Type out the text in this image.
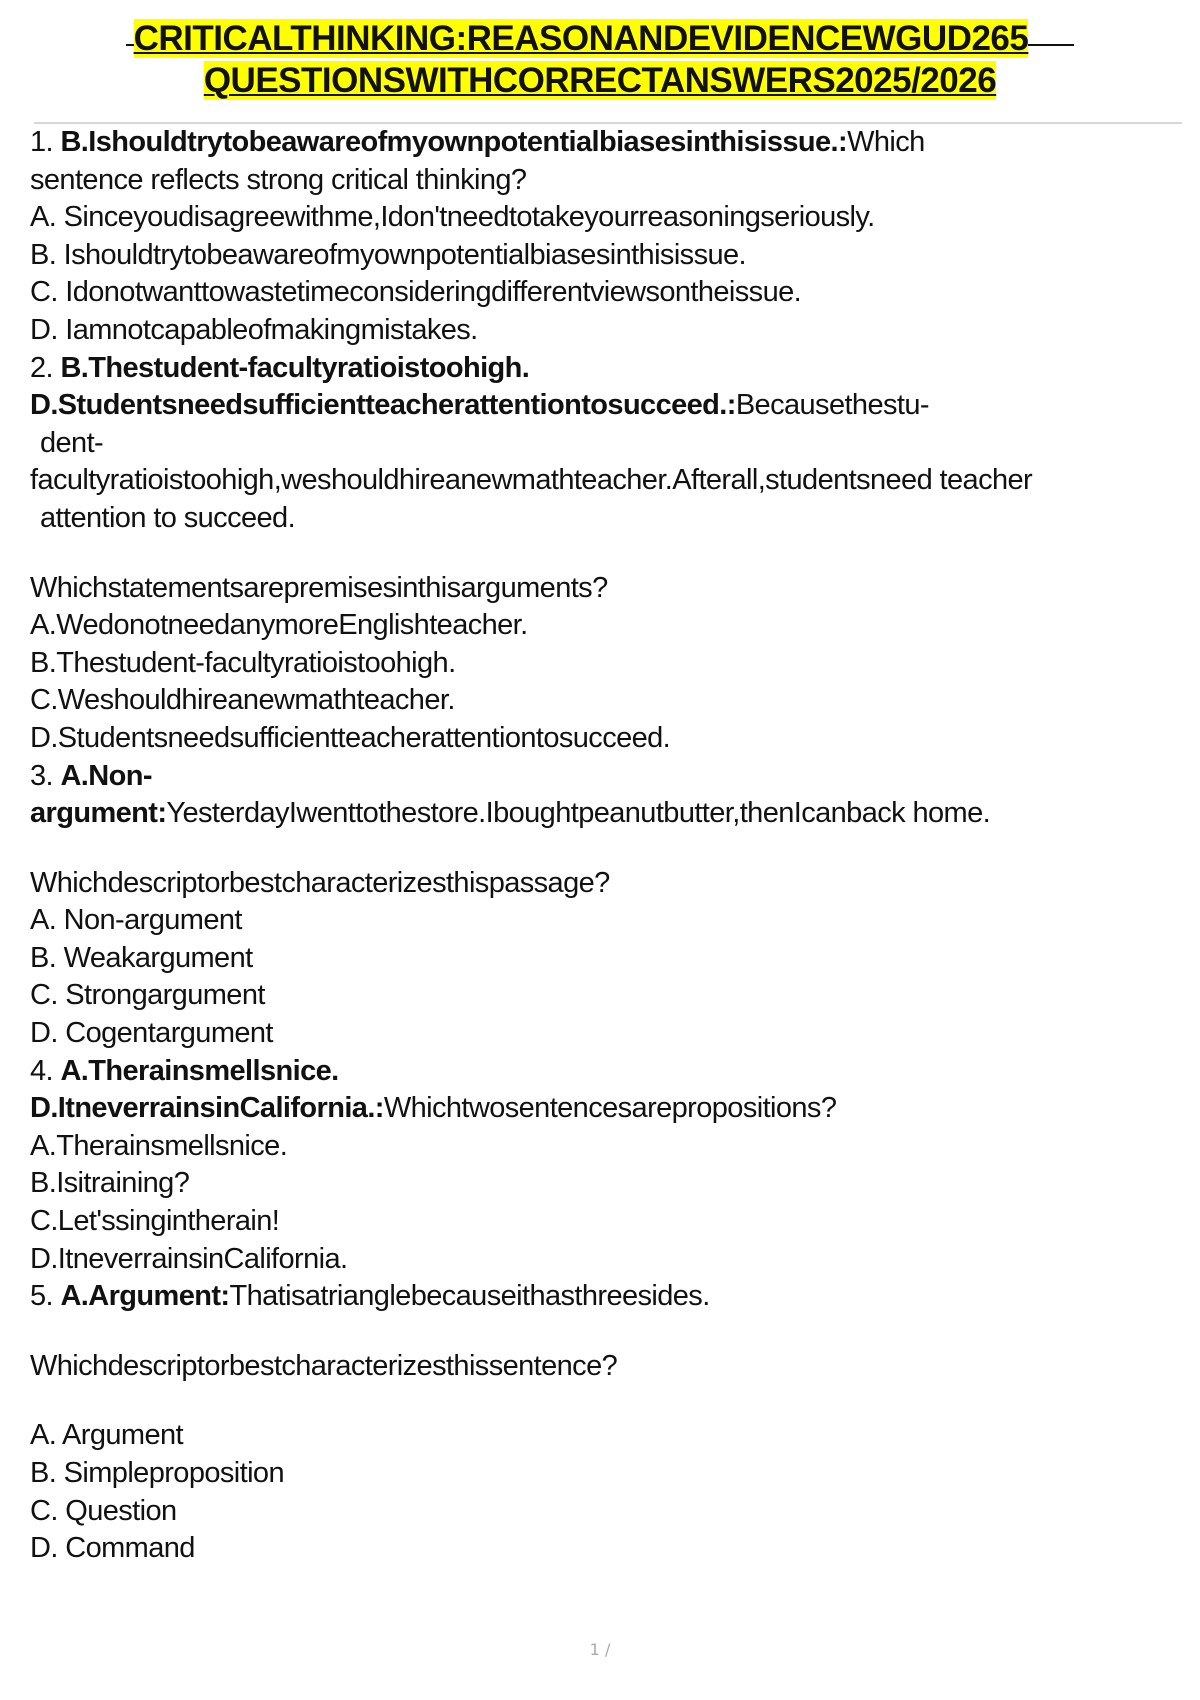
CRITICALTHINKING:REASONANDEVIDENCEWGUD265
QUESTIONSWITHCORRECTANSWERS2025/2026
1. B.Ishouldtrytobeawareofmyownpotentialbiasesinthisissue.:Which
sentence reflects strong critical thinking?
A. Sinceyoudisagreewithme,Idon'tneedtotakeyourreasoningseriously.
B. Ishouldtrytobeawareofmyownpotentialbiasesinthisissue.
C. Idonotwanttowastetimeconsideringdifferentviewsontheissue.
D. Iamnotcapableofmakingmistakes.
2. B.Thestudent-facultyratioistoohigh.
D.Studentsneedsufficientteacherattentiontosucceed.:Becausethestu-
dent-
facultyratioistoohigh,weshouldhireanewmathteacher.Afterall,studentsneed teacher
attention to succeed.
Whichstatementsarepremisesinthisarguments?
A.WedonotneedanymoreEnglishteacher.
B.Thestudent-facultyratioistoohigh.
C.Weshouldhireanewmathteacher.
D.Studentsneedsufficientteacherattentiontosucceed.
3. A.Non-
argument:YesterdayIwenttothestore.Iboughtpeanutbutter,thenIcanback home.
Whichdescriptorbestcharacterizesthispassage?
A. Non-argument
B. Weakargument
C. Strongargument
D. Cogentargument
4. A.Therainsmellsnice.
D.ItneverrainsinCalifornia.:Whichtwosentencesarepropositions?
A.Therainsmellsnice.
B.Isitraining?
C.Let'ssingintherain!
D.ItneverrainsinCalifornia.
5. A.Argument:Thatisatrianglebecauseithasthreesides.
Whichdescriptorbestcharacterizesthissentence?
A. Argument
B. Simpleproposition
C. Question
D. Command
1 /
